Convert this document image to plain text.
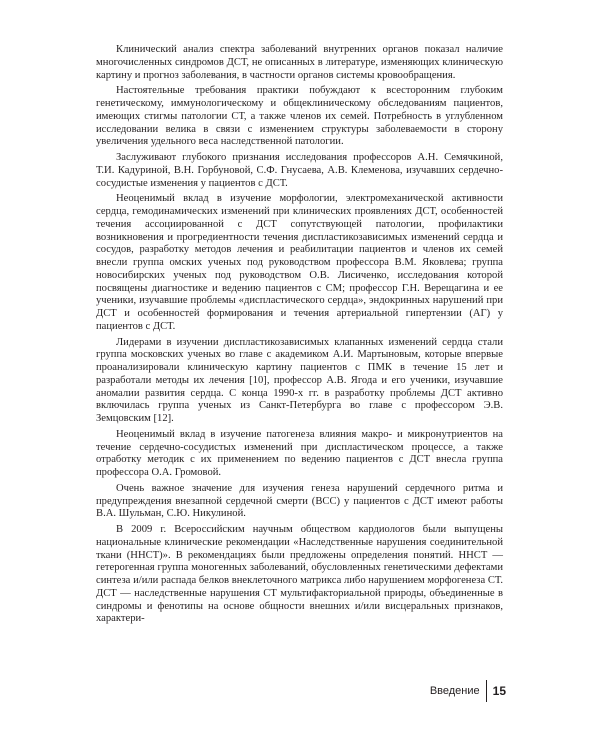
Клинический анализ спектра заболеваний внутренних органов показал наличие многочисленных синдромов ДСТ, не описанных в литературе, изменяющих клиническую картину и прогноз заболевания, в частности органов системы кровообращения.

Настоятельные требования практики побуждают к всесторонним глубоким генетическому, иммунологическому и общеклиническому обследованиям пациентов, имеющих стигмы патологии СТ, а также членов их семей. Потребность в углубленном исследовании велика в связи с изменением структуры заболеваемости в сторону увеличения удельного веса наследственной патологии.

Заслуживают глубокого признания исследования профессоров А.Н. Семячкиной, Т.И. Кадуриной, В.Н. Горбуновой, С.Ф. Гнусаева, А.В. Клеменова, изучавших сердечно-сосудистые изменения у пациентов с ДСТ.

Неоценимый вклад в изучение морфологии, электромеханической активности сердца, гемодинамических изменений при клинических проявлениях ДСТ, особенностей течения ассоциированной с ДСТ сопутствующей патологии, профилактики возникновения и прогредиентности течения диспластикозависимых изменений сердца и сосудов, разработку методов лечения и реабилитации пациентов и членов их семей внесли группа омских ученых под руководством профессора В.М. Яковлева; группа новосибирских ученых под руководством О.В. Лисиченко, исследования которой посвящены диагностике и ведению пациентов с СМ; профессор Г.Н. Верещагина и ее ученики, изучавшие проблемы «диспластического сердца», эндокринных нарушений при ДСТ и особенностей формирования и течения артериальной гипертензии (АГ) у пациентов с ДСТ.

Лидерами в изучении диспластикозависимых клапанных изменений сердца стали группа московских ученых во главе с академиком А.И. Мартыновым, которые впервые проанализировали клиническую картину пациентов с ПМК в течение 15 лет и разработали методы их лечения [10], профессор А.В. Ягода и его ученики, изучавшие аномалии развития сердца. С конца 1990-х гг. в разработку проблемы ДСТ активно включилась группа ученых из Санкт-Петербурга во главе с профессором Э.В. Земцовским [12].

Неоценимый вклад в изучение патогенеза влияния макро- и микронутриентов на течение сердечно-сосудистых изменений при диспластическом процессе, а также отработку методик с их применением по ведению пациентов с ДСТ внесла группа профессора О.А. Громовой.

Очень важное значение для изучения генеза нарушений сердечного ритма и предупреждения внезапной сердечной смерти (ВСС) у пациентов с ДСТ имеют работы В.А. Шульман, С.Ю. Никулиной.

В 2009 г. Всероссийским научным обществом кардиологов были выпущены национальные клинические рекомендации «Наследственные нарушения соединительной ткани (ННСТ)». В рекомендациях были предложены определения понятий. ННСТ — гетерогенная группа моногенных заболеваний, обусловленных генетическими дефектами синтеза и/или распада белков внеклеточного матрикса либо нарушением морфогенеза СТ. ДСТ — наследственные нарушения СТ мультифакториальной природы, объединенные в синдромы и фенотипы на основе общности внешних и/или висцеральных признаков, характери-

Введение	15
